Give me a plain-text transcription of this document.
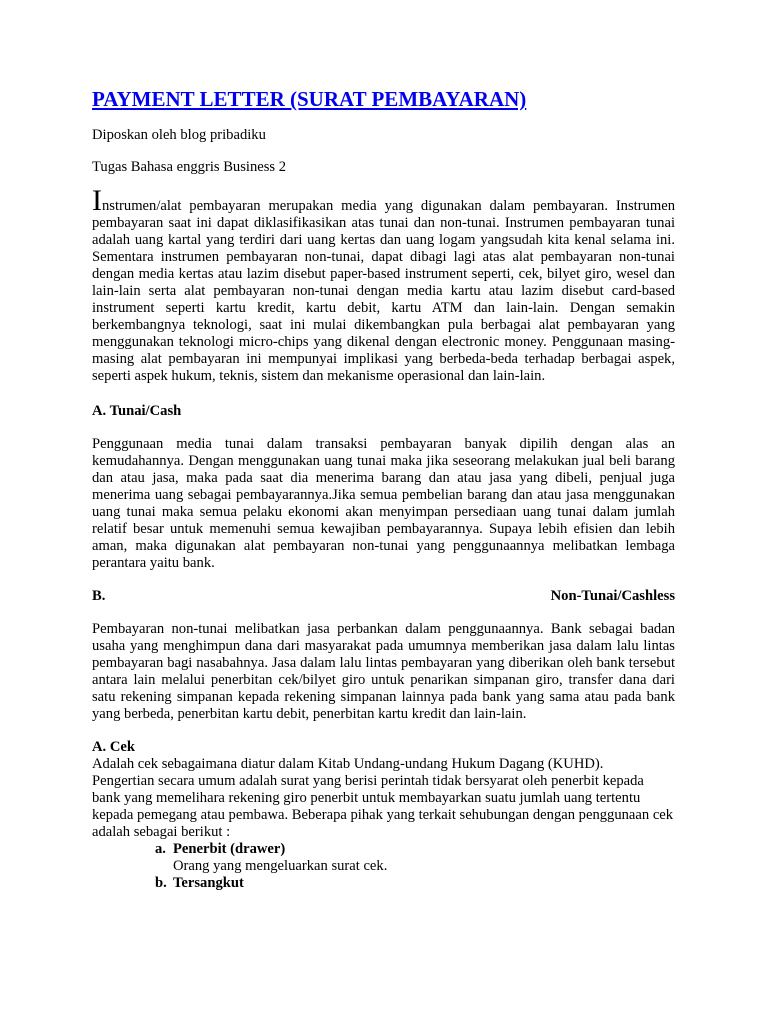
PAYMENT LETTER (SURAT PEMBAYARAN)
Diposkan oleh blog pribadiku
Tugas Bahasa enggris Business 2
Instrumen/alat pembayaran merupakan media yang digunakan dalam pembayaran. Instrumen pembayaran saat ini dapat diklasifikasikan atas tunai dan non-tunai. Instrumen pembayaran tunai adalah uang kartal yang terdiri dari uang kertas dan uang logam yangsudah kita kenal selama ini. Sementara instrumen pembayaran non-tunai, dapat dibagi lagi atas alat pembayaran non-tunai dengan media kertas atau lazim disebut paper-based instrument seperti, cek, bilyet giro, wesel dan lain-lain serta alat pembayaran non-tunai dengan media kartu atau lazim disebut card-based instrument seperti kartu kredit, kartu debit, kartu ATM dan lain-lain. Dengan semakin berkembangnya teknologi, saat ini mulai dikembangkan pula berbagai alat pembayaran yang menggunakan teknologi micro-chips yang dikenal dengan electronic money. Penggunaan masing-masing alat pembayaran ini mempunyai implikasi yang berbeda-beda terhadap berbagai aspek, seperti aspek hukum, teknis, sistem dan mekanisme operasional dan lain-lain.
A. Tunai/Cash
Penggunaan media tunai dalam transaksi pembayaran banyak dipilih dengan alas an kemudahannya. Dengan menggunakan uang tunai maka jika seseorang melakukan jual beli barang dan atau jasa, maka pada saat dia menerima barang dan atau jasa yang dibeli, penjual juga menerima uang sebagai pembayarannya.Jika semua pembelian barang dan atau jasa menggunakan uang tunai maka semua pelaku ekonomi akan menyimpan persediaan uang tunai dalam jumlah relatif besar untuk memenuhi semua kewajiban pembayarannya. Supaya lebih efisien dan lebih aman, maka digunakan alat pembayaran non-tunai yang penggunaannya melibatkan lembaga perantara yaitu bank.
B.	Non-Tunai/Cashless
Pembayaran non-tunai melibatkan jasa perbankan dalam penggunaannya. Bank sebagai badan usaha yang menghimpun dana dari masyarakat pada umumnya memberikan jasa dalam lalu lintas pembayaran bagi nasabahnya. Jasa dalam lalu lintas pembayaran yang diberikan oleh bank tersebut antara lain melalui penerbitan cek/bilyet giro untuk penarikan simpanan giro, transfer dana dari satu rekening simpanan kepada rekening simpanan lainnya pada bank yang sama atau pada bank yang berbeda, penerbitan kartu debit, penerbitan kartu kredit dan lain-lain.
A. Cek
Adalah cek sebagaimana diatur dalam Kitab Undang-undang Hukum Dagang (KUHD).
Pengertian secara umum adalah surat yang berisi perintah tidak bersyarat oleh penerbit kepada bank yang memelihara rekening giro penerbit untuk membayarkan suatu jumlah uang tertentu kepada pemegang atau pembawa. Beberapa pihak yang terkait sehubungan dengan penggunaan cek adalah sebagai berikut :
a. Penerbit (drawer)
Orang yang mengeluarkan surat cek.
b. Tersangkut
